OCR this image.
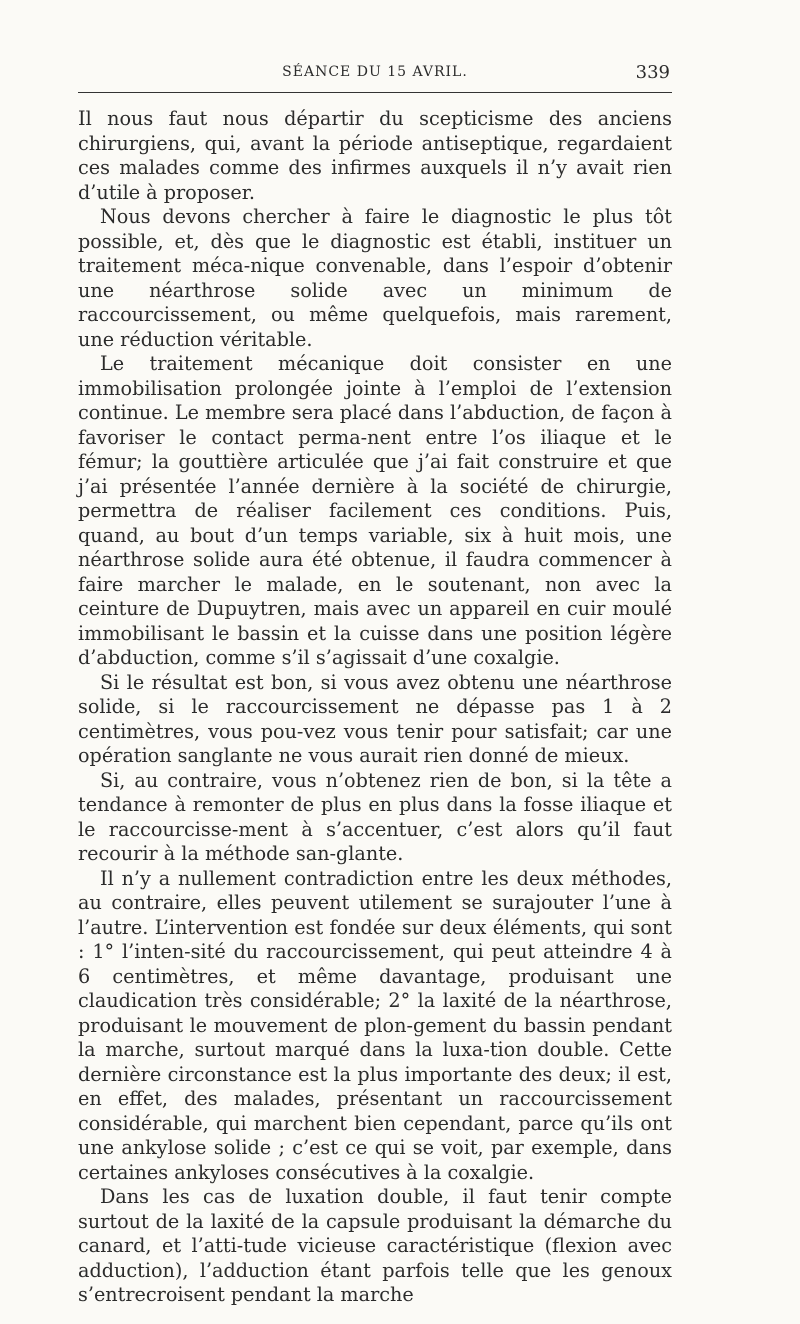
SÉANCE DU 15 AVRIL.	339

Il nous faut nous départir du scepticisme des anciens chirurgiens, qui, avant la période antiseptique, regardaient ces malades comme des infirmes auxquels il n’y avait rien d’utile à proposer.

Nous devons chercher à faire le diagnostic le plus tôt possible, et, dès que le diagnostic est établi, instituer un traitement méca-nique convenable, dans l’espoir d’obtenir une néarthrose solide avec un minimum de raccourcissement, ou même quelquefois, mais rarement, une réduction véritable.

Le traitement mécanique doit consister en une immobilisation prolongée jointe à l’emploi de l’extension continue. Le membre sera placé dans l’abduction, de façon à favoriser le contact perma-nent entre l’os iliaque et le fémur; la gouttière articulée que j’ai fait construire et que j’ai présentée l’année dernière à la société de chirurgie, permettra de réaliser facilement ces conditions. Puis, quand, au bout d’un temps variable, six à huit mois, une néarthrose solide aura été obtenue, il faudra commencer à faire marcher le malade, en le soutenant, non avec la ceinture de Dupuytren, mais avec un appareil en cuir moulé immobilisant le bassin et la cuisse dans une position légère d’abduction, comme s’il s’agissait d’une coxalgie.

Si le résultat est bon, si vous avez obtenu une néarthrose solide, si le raccourcissement ne dépasse pas 1 à 2 centimètres, vous pou-vez vous tenir pour satisfait; car une opération sanglante ne vous aurait rien donné de mieux.

Si, au contraire, vous n’obtenez rien de bon, si la tête a tendance à remonter de plus en plus dans la fosse iliaque et le raccourcisse-ment à s’accentuer, c’est alors qu’il faut recourir à la méthode san-glante.

Il n’y a nullement contradiction entre les deux méthodes, au contraire, elles peuvent utilement se surajouter l’une à l’autre. L’intervention est fondée sur deux éléments, qui sont : 1° l’inten-sité du raccourcissement, qui peut atteindre 4 à 6 centimètres, et même davantage, produisant une claudication très considérable; 2° la laxité de la néarthrose, produisant le mouvement de plon-gement du bassin pendant la marche, surtout marqué dans la luxa-tion double. Cette dernière circonstance est la plus importante des deux; il est, en effet, des malades, présentant un raccourcissement considérable, qui marchent bien cependant, parce qu’ils ont une ankylose solide ; c’est ce qui se voit, par exemple, dans certaines ankyloses consécutives à la coxalgie.

Dans les cas de luxation double, il faut tenir compte surtout de la laxité de la capsule produisant la démarche du canard, et l’atti-tude vicieuse caractéristique (flexion avec adduction), l’adduction étant parfois telle que les genoux s’entrecroisent pendant la marche
